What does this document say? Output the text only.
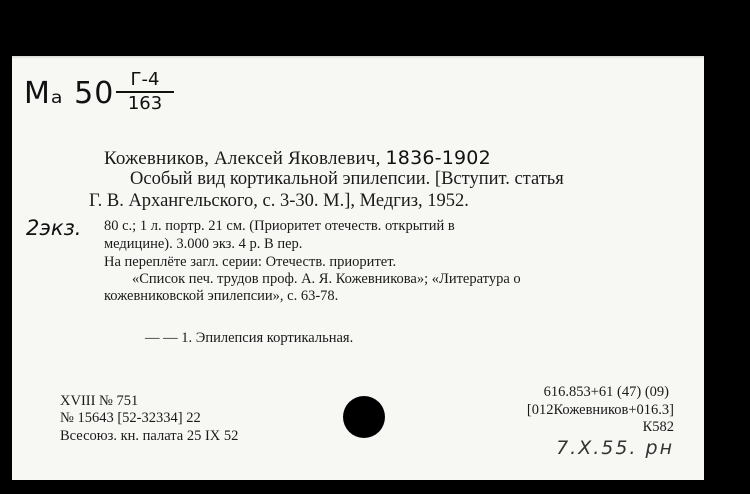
Mₐ 50 Г-4
163
Кожевников, Алексей Яковлевич, 1836-1902
Особый вид кортикальной эпилепсии. [Вступит. статья
Г. В. Архангельского, с. 3-30. М.], Медгиз, 1952.
2экз. 80 с.; 1 л. портр. 21 см. (Приоритет отечеств. открытий в
медицине). 3.000 экз. 4 р. В пер.
На переплёте загл. серии: Отечеств. приоритет.
«Список печ. трудов проф. А. Я. Кожевникова»; «Литература о
кожевниковской эпилепсии», с. 63-78.
— — 1. Эпилепсия кортикальная.
XVIII № 751
№ 15643 [52-32334] 22
Всесоюз. кн. палата 25 IX 52
616.853+61 (47) (09)
[012Кожевников+016.3]
К582
7.X.55. рн
